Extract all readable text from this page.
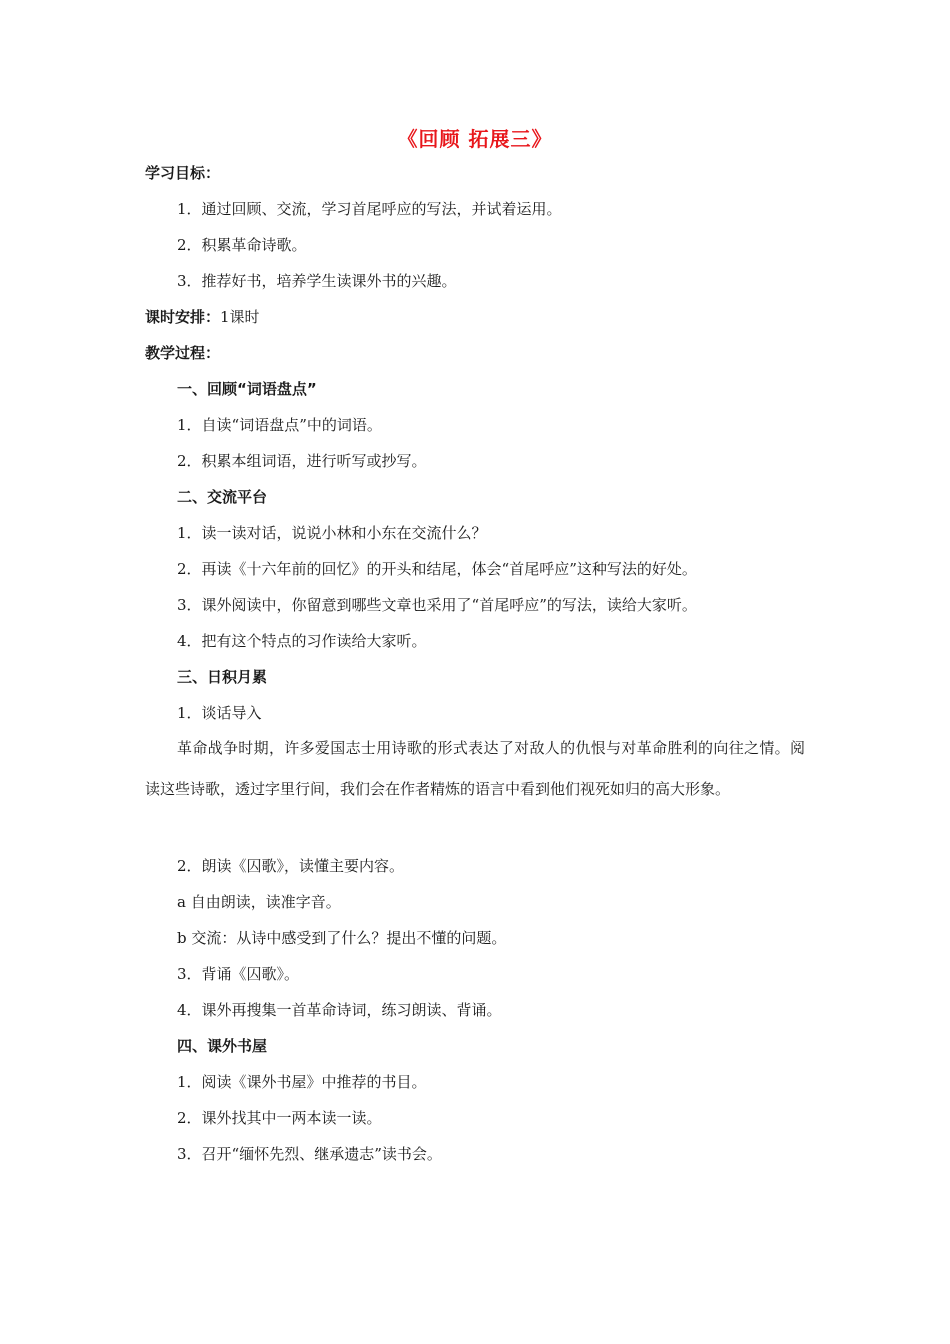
《回顾 拓展三》
学习目标：
1．通过回顾、交流，学习首尾呼应的写法，并试着运用。
2．积累革命诗歌。
3．推荐好书，培养学生读课外书的兴趣。
课时安排：1课时
教学过程：
一、回顾“词语盘点”
1．自读“词语盘点”中的词语。
2．积累本组词语，进行听写或抄写。
二、交流平台
1．读一读对话，说说小林和小东在交流什么？
2．再读《十六年前的回忆》的开头和结尾，体会“首尾呼应”这种写法的好处。
3．课外阅读中，你留意到哪些文章也采用了“首尾呼应”的写法，读给大家听。
4．把有这个特点的习作读给大家听。
三、日积月累
1．谈话导入
革命战争时期，许多爱国志士用诗歌的形式表达了对敌人的仇恨与对革命胜利的向往之情。阅读这些诗歌，透过字里行间，我们会在作者精炼的语言中看到他们视死如归的高大形象。
2．朗读《囚歌》，读懂主要内容。
a 自由朗读，读准字音。
b 交流：从诗中感受到了什么？提出不懂的问题。
3．背诵《囚歌》。
4．课外再搜集一首革命诗词，练习朗读、背诵。
四、课外书屋
1．阅读《课外书屋》中推荐的书目。
2．课外找其中一两本读一读。
3．召开“缅怀先烈、继承遗志”读书会。
